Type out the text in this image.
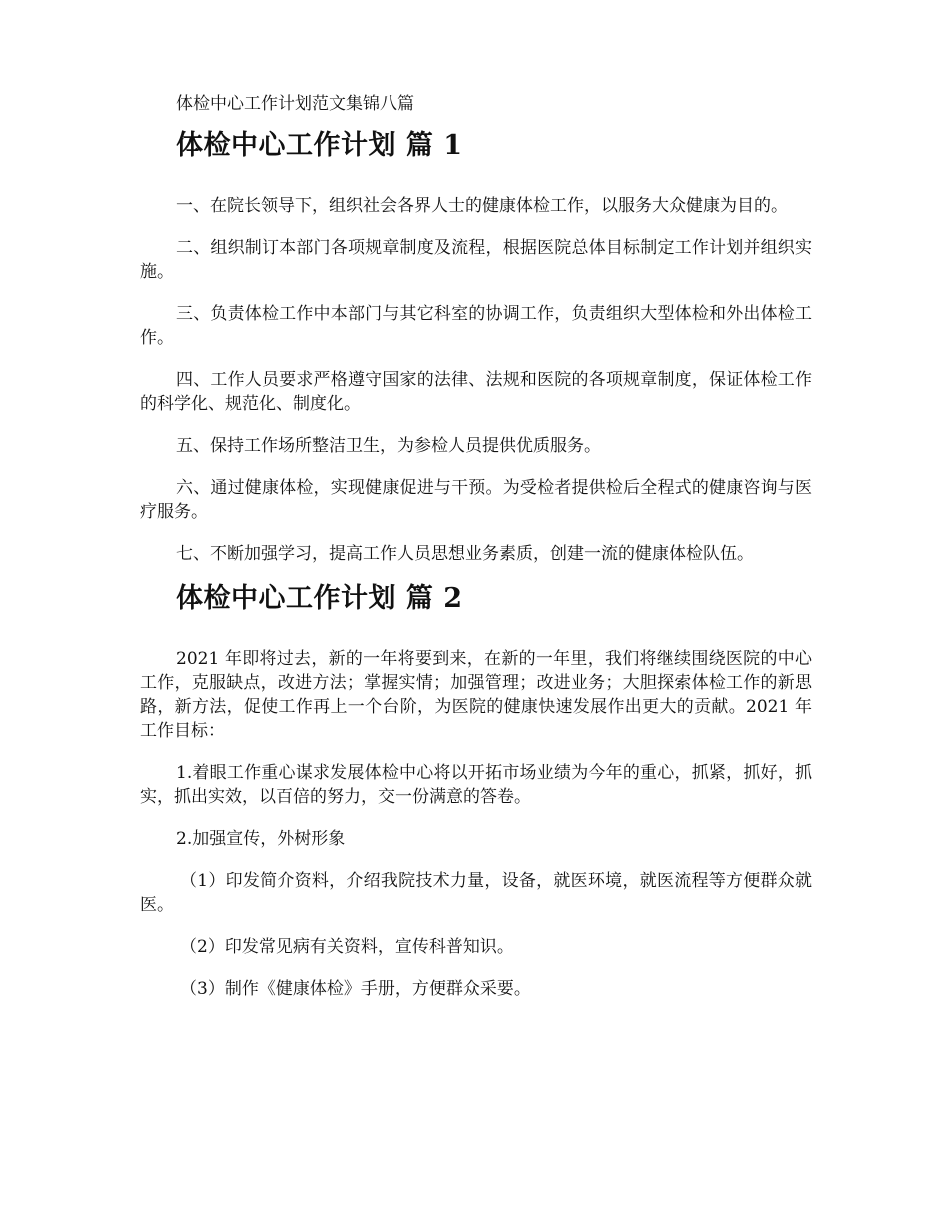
体检中心工作计划范文集锦八篇
体检中心工作计划 篇 1

一、在院长领导下，组织社会各界人士的健康体检工作，以服务大众健康为目的。

二、组织制订本部门各项规章制度及流程，根据医院总体目标制定工作计划并组织实施。

三、负责体检工作中本部门与其它科室的协调工作，负责组织大型体检和外出体检工作。

四、工作人员要求严格遵守国家的法律、法规和医院的各项规章制度，保证体检工作的科学化、规范化、制度化。

五、保持工作场所整洁卫生，为参检人员提供优质服务。

六、通过健康体检，实现健康促进与干预。为受检者提供检后全程式的健康咨询与医疗服务。

七、不断加强学习，提高工作人员思想业务素质，创建一流的健康体检队伍。

体检中心工作计划 篇 2

2021 年即将过去，新的一年将要到来，在新的一年里，我们将继续围绕医院的中心工作，克服缺点，改进方法；掌握实情；加强管理；改进业务；大胆探索体检工作的新思路，新方法，促使工作再上一个台阶，为医院的健康快速发展作出更大的贡献。2021 年工作目标：

1.着眼工作重心谋求发展体检中心将以开拓市场业绩为今年的重心，抓紧，抓好，抓实，抓出实效，以百倍的努力，交一份满意的答卷。

2.加强宣传，外树形象

（1）印发简介资料，介绍我院技术力量，设备，就医环境，就医流程等方便群众就医。

（2）印发常见病有关资料，宣传科普知识。

（3）制作《健康体检》手册，方便群众采要。
